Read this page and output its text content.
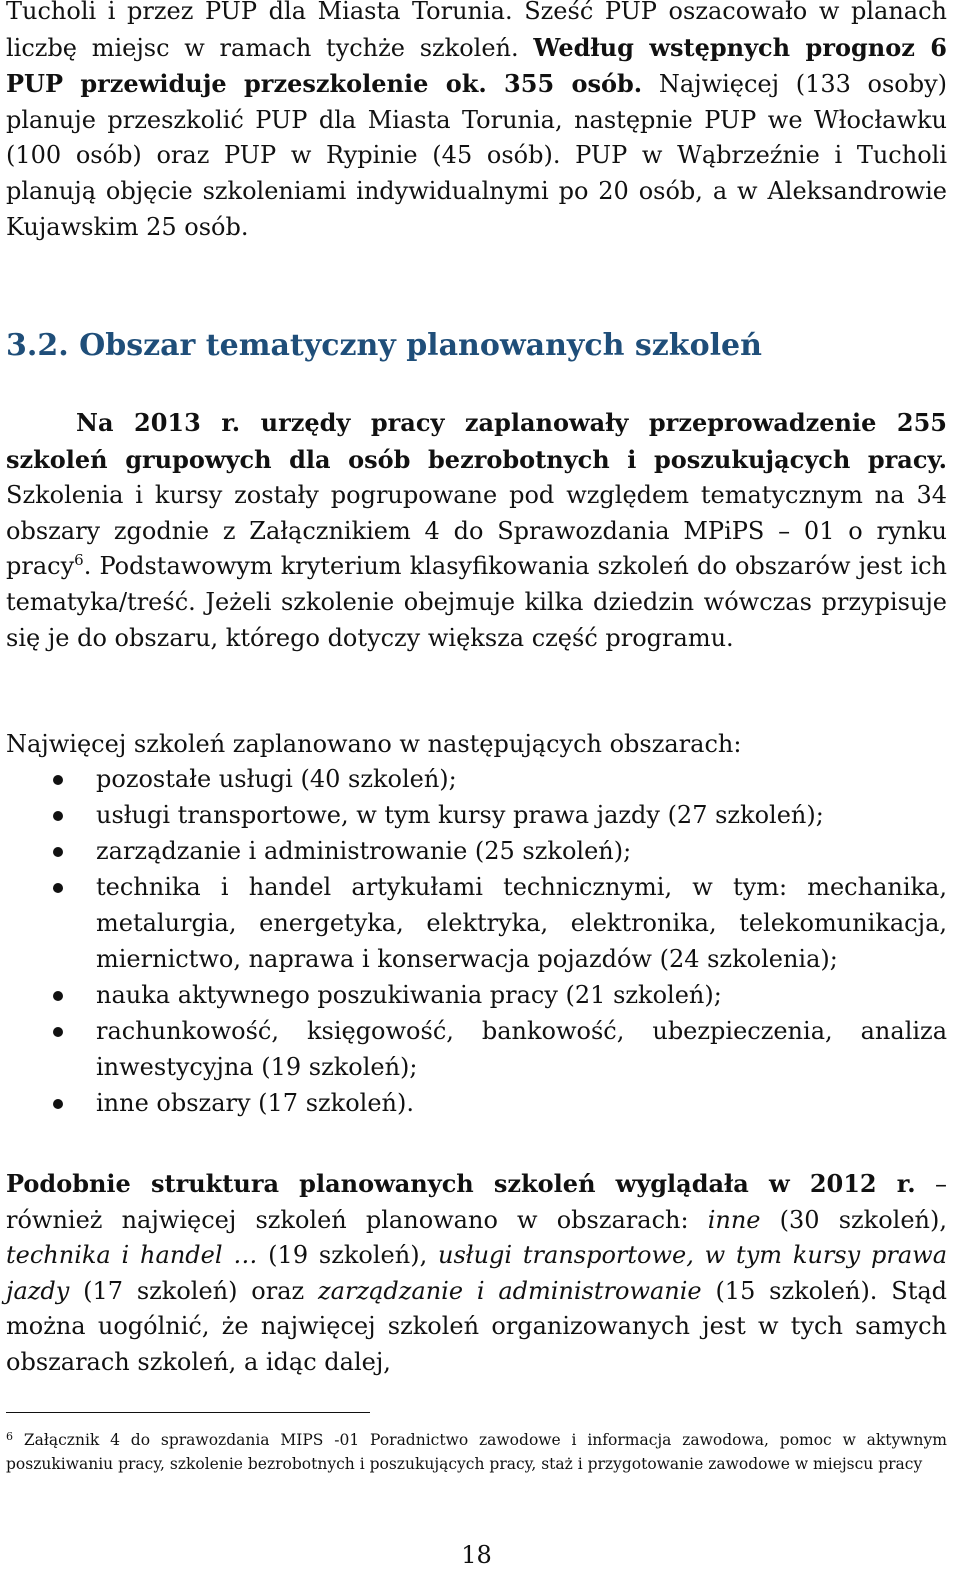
Tucholi i przez PUP dla Miasta Torunia. Sześć PUP oszacowało w planach liczbę miejsc w ramach tychże szkoleń. Według wstępnych prognoz 6 PUP przewiduje przeszkolenie ok. 355 osób. Najwięcej (133 osoby) planuje przeszkolić PUP dla Miasta Torunia, następnie PUP we Włocławku (100 osób) oraz PUP w Rypinie (45 osób). PUP w Wąbrzeźnie i Tucholi planują objęcie szkoleniami indywidualnymi po 20 osób, a w Aleksandrowie Kujawskim 25 osób.

3.2. Obszar tematyczny planowanych szkoleń

Na 2013 r. urzędy pracy zaplanowały przeprowadzenie 255 szkoleń grupowych dla osób bezrobotnych i poszukujących pracy. Szkolenia i kursy zostały pogrupowane pod względem tematycznym na 34 obszary zgodnie z Załącznikiem 4 do Sprawozdania MPiPS – 01 o rynku pracy$^6$. Podstawowym kryterium klasyfikowania szkoleń do obszarów jest ich tematyka/treść. Jeżeli szkolenie obejmuje kilka dziedzin wówczas przypisuje się je do obszaru, którego dotyczy większa część programu.

Najwięcej szkoleń zaplanowano w następujących obszarach:

pozostałe usługi (40 szkoleń);
usługi transportowe, w tym kursy prawa jazdy (27 szkoleń);
zarządzanie i administrowanie (25 szkoleń);
technika i handel artykułami technicznymi, w tym: mechanika, metalurgia, energetyka, elektryka, elektronika, telekomunikacja, miernictwo, naprawa i konserwacja pojazdów (24 szkolenia);
nauka aktywnego poszukiwania pracy (21 szkoleń);
rachunkowość, księgowość, bankowość, ubezpieczenia, analiza inwestycyjna (19 szkoleń);
inne obszary (17 szkoleń).

Podobnie struktura planowanych szkoleń wyglądała w 2012 r. – również najwięcej szkoleń planowano w obszarach: inne (30 szkoleń), technika i handel … (19 szkoleń), usługi transportowe, w tym kursy prawa jazdy (17 szkoleń) oraz zarządzanie i administrowanie (15 szkoleń). Stąd można uogólnić, że najwięcej szkoleń organizowanych jest w tych samych obszarach szkoleń, a idąc dalej,

$^6$ Załącznik 4 do sprawozdania MIPS -01 Poradnictwo zawodowe i informacja zawodowa, pomoc w aktywnym poszukiwaniu pracy, szkolenie bezrobotnych i poszukujących pracy, staż i przygotowanie zawodowe w miejscu pracy

18
